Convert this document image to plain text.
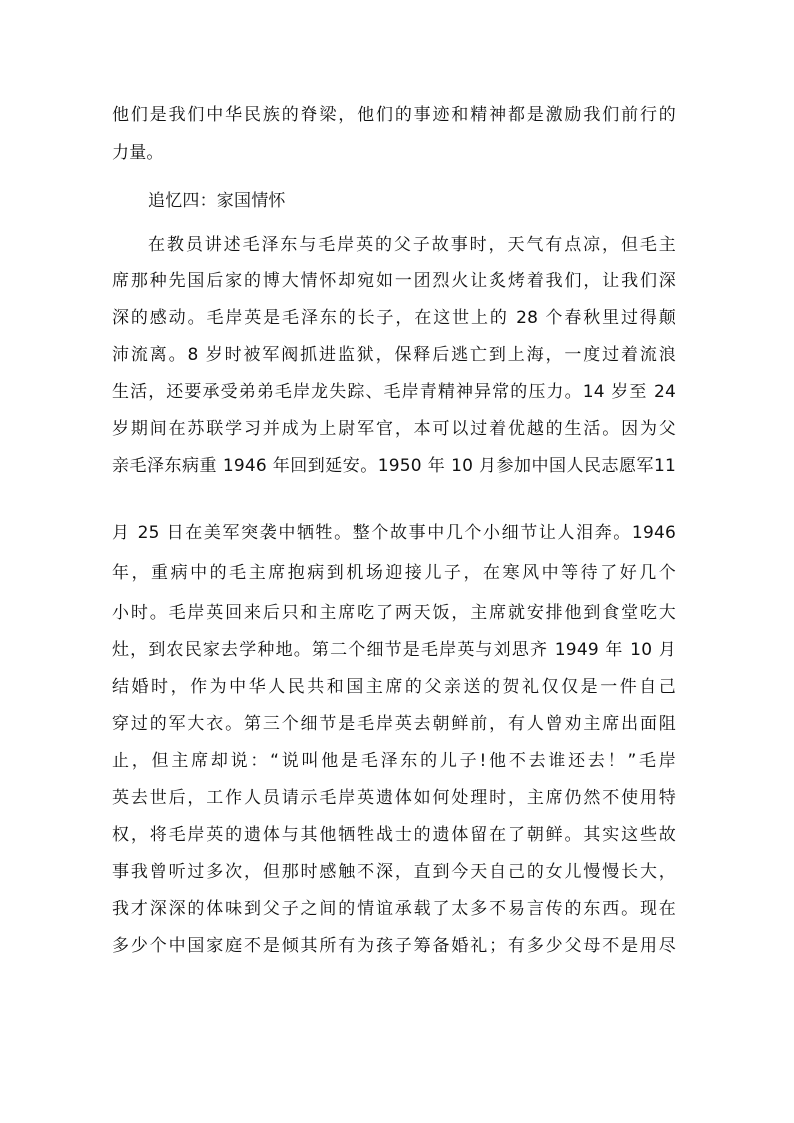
他们是我们中华民族的脊梁，他们的事迹和精神都是激励我们前行的
力量。
追忆四：家国情怀
在教员讲述毛泽东与毛岸英的父子故事时，天气有点凉，但毛主
席那种先国后家的博大情怀却宛如一团烈火让炙烤着我们，让我们深
深的感动。毛岸英是毛泽东的长子，在这世上的 28 个春秋里过得颠
沛流离。8 岁时被军阀抓进监狱，保释后逃亡到上海，一度过着流浪
生活，还要承受弟弟毛岸龙失踪、毛岸青精神异常的压力。14 岁至 24
岁期间在苏联学习并成为上尉军官，本可以过着优越的生活。因为父
亲毛泽东病重 1946 年回到延安。1950 年 10 月参加中国人民志愿军11
月 25 日在美军突袭中牺牲。整个故事中几个小细节让人泪奔。1946
年，重病中的毛主席抱病到机场迎接儿子，在寒风中等待了好几个
小时。毛岸英回来后只和主席吃了两天饭，主席就安排他到食堂吃大
灶，到农民家去学种地。第二个细节是毛岸英与刘思齐 1949 年 10 月
结婚时，作为中华人民共和国主席的父亲送的贺礼仅仅是一件自己
穿过的军大衣。第三个细节是毛岸英去朝鲜前，有人曾劝主席出面阻
止，但主席却说：“说叫他是毛泽东的儿子!他不去谁还去！”毛岸
英去世后，工作人员请示毛岸英遗体如何处理时，主席仍然不使用特
权，将毛岸英的遗体与其他牺牲战士的遗体留在了朝鲜。其实这些故
事我曾听过多次，但那时感触不深，直到今天自己的女儿慢慢长大，
我才深深的体味到父子之间的情谊承载了太多不易言传的东西。现在
多少个中国家庭不是倾其所有为孩子筹备婚礼；有多少父母不是用尽
